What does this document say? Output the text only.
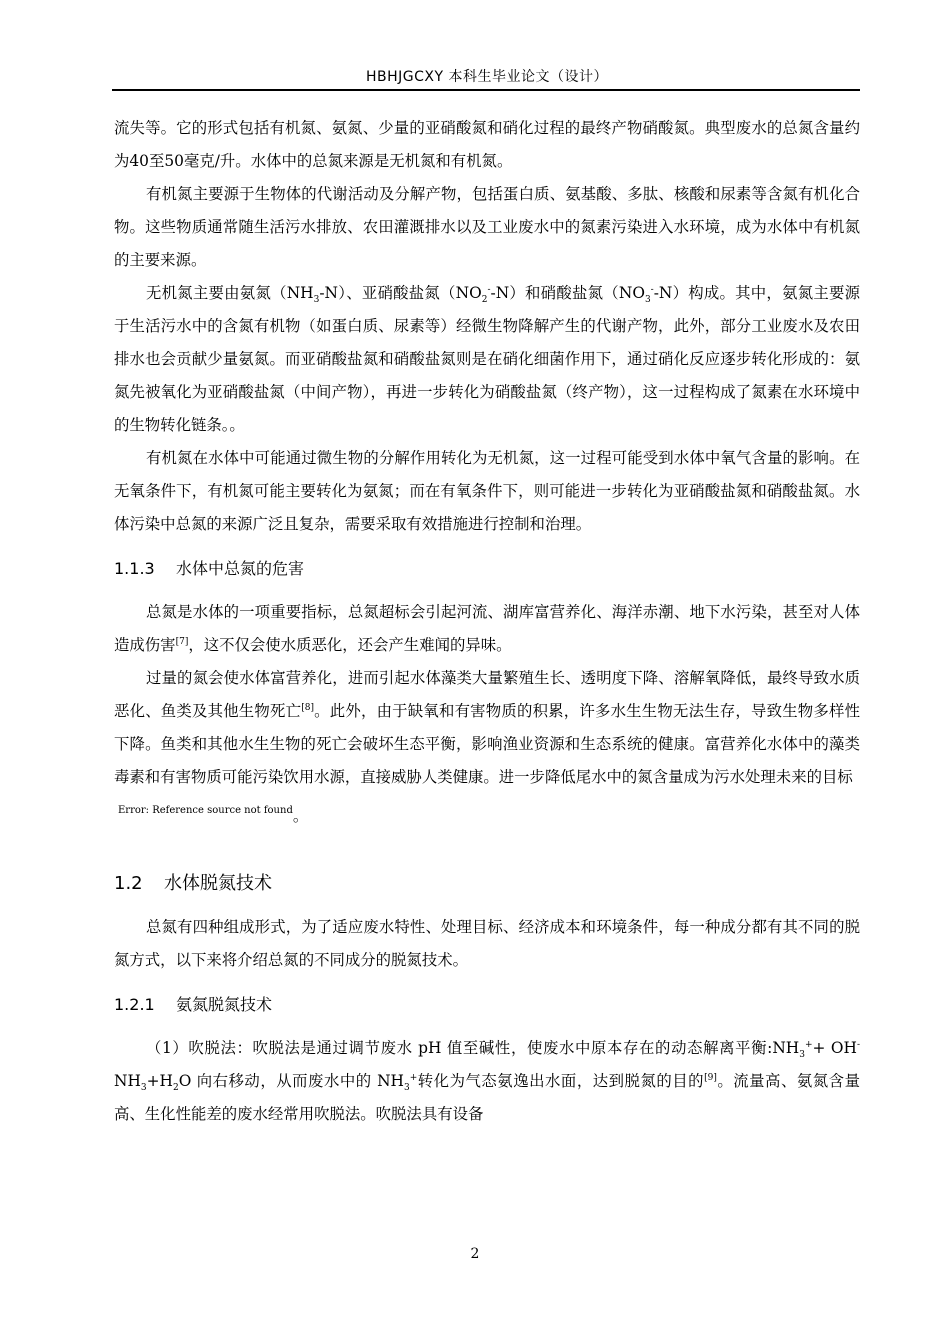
HBHJGCXY 本科生毕业论文（设计）

流失等。它的形式包括有机氮、氨氮、少量的亚硝酸氮和硝化过程的最终产物硝酸氮。典型废水的总氮含量约为40至50毫克/升。水体中的总氮来源是无机氮和有机氮。

有机氮主要源于生物体的代谢活动及分解产物，包括蛋白质、氨基酸、多肽、核酸和尿素等含氮有机化合物。这些物质通常随生活污水排放、农田灌溉排水以及工业废水中的氮素污染进入水环境，成为水体中有机氮的主要来源。

无机氮主要由氨氮$(NH_3-N)$、亚硝酸盐氮$(NO_2^--N)$和硝酸盐氮$(NO_3^--N)$构成。其中，氨氮主要源于生活污水中的含氮有机物（如蛋白质、尿素等）经微生物降解产生的代谢产物，此外，部分工业废水及农田排水也会贡献少量氨氮。而亚硝酸盐氮和硝酸盐氮则是在硝化细菌作用下，通过硝化反应逐步转化形成的：氨氮先被氧化为亚硝酸盐氮（中间产物），再进一步转化为硝酸盐氮（终产物），这一过程构成了氮素在水环境中的生物转化链条。。

有机氮在水体中可能通过微生物的分解作用转化为无机氮，这一过程可能受到水体中氧气含量的影响。在无氧条件下，有机氮可能主要转化为氨氮；而在有氧条件下，则可能进一步转化为亚硝酸盐氮和硝酸盐氮。水体污染中总氮的来源广泛且复杂，需要采取有效措施进行控制和治理。

1.1.3 水体中总氮的危害

总氮是水体的一项重要指标，总氮超标会引起河流、湖库富营养化、海洋赤潮、地下水污染，甚至对人体造成伤害[7]，这不仅会使水质恶化，还会产生难闻的异味。

过量的氮会使水体富营养化，进而引起水体藻类大量繁殖生长、透明度下降、溶解氧降低，最终导致水质恶化、鱼类及其他生物死亡[8]。此外，由于缺氧和有害物质的积累，许多水生生物无法生存，导致生物多样性下降。鱼类和其他水生生物的死亡会破坏生态平衡，影响渔业资源和生态系统的健康。富营养化水体中的藻类毒素和有害物质可能污染饮用水源，直接威胁人类健康。进一步降低尾水中的氮含量成为污水处理未来的目标
$^{Error: Reference source not found}$。

1.2 水体脱氮技术

总氮有四种组成形式，为了适应废水特性、处理目标、经济成本和环境条件，每一种成分都有其不同的脱氮方式，以下来将介绍总氮的不同成分的脱氮技术。

1.2.1 氨氮脱氮技术

（1）吹脱法：吹脱法是通过调节废水 pH 值至碱性，使废水中原本存在的动态解离平衡$:NH_3^++ OH^-$ $NH_3+H_2O$ 向右移动，从而废水中的 $NH_3^+$转化为气态氨逸出水面，达到脱氮的目的[9]。流量高、氨氮含量高、生化性能差的废水经常用吹脱法。吹脱法具有设备

2
